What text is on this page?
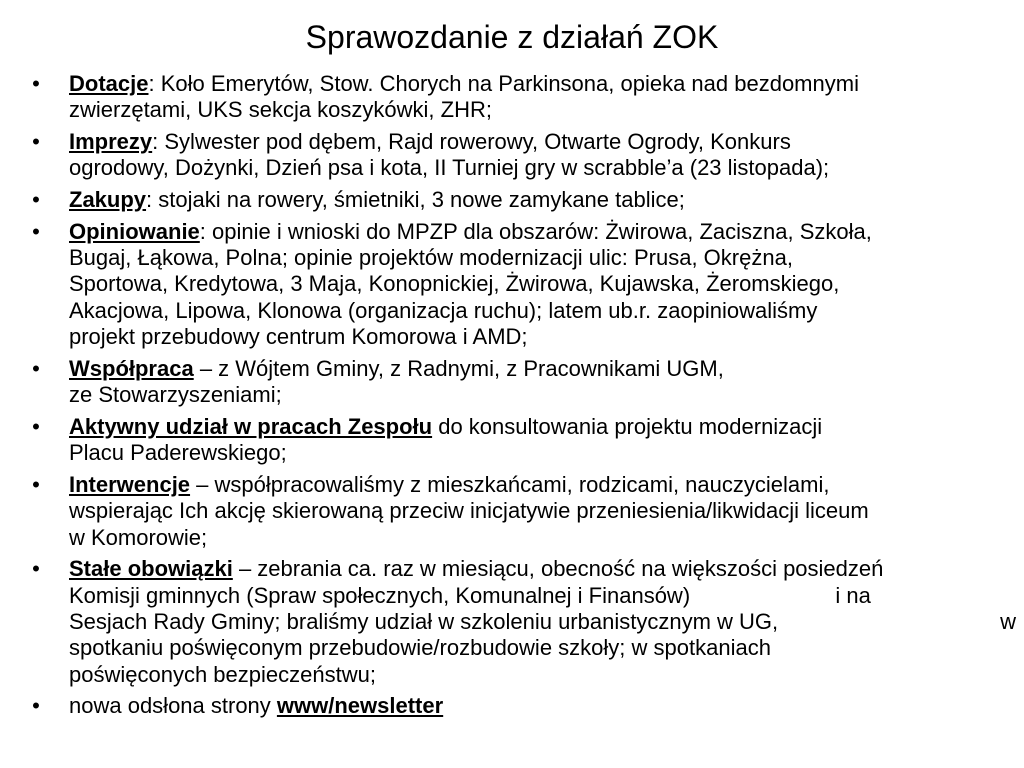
Sprawozdanie z działań ZOK
• Dotacje: Koło Emerytów, Stow. Chorych na Parkinsona, opieka nad bezdomnymi
zwierzętami, UKS sekcja koszykówki, ZHR;
• Imprezy: Sylwester pod dębem, Rajd rowerowy, Otwarte Ogrody, Konkurs
ogrodowy, Dożynki, Dzień psa i kota, II Turniej gry w scrabble’a (23 listopada);
• Zakupy: stojaki na rowery, śmietniki, 3 nowe zamykane tablice;
• Opiniowanie: opinie i wnioski do MPZP dla obszarów: Żwirowa, Zaciszna, Szkoła,
Bugaj, Łąkowa, Polna; opinie projektów modernizacji ulic: Prusa, Okrężna,
Sportowa, Kredytowa, 3 Maja, Konopnickiej, Żwirowa, Kujawska, Żeromskiego,
Akacjowa, Lipowa, Klonowa (organizacja ruchu); latem ub.r. zaopiniowaliśmy
projekt przebudowy centrum Komorowa i AMD;
• Współpraca – z Wójtem Gminy, z Radnymi, z Pracownikami UGM,
ze Stowarzyszeniami;
• Aktywny udział w pracach Zespołu do konsultowania projektu modernizacji
Placu Paderewskiego;
• Interwencje – współpracowaliśmy z mieszkańcami, rodzicami, nauczycielami,
wspierając Ich akcję skierowaną przeciw inicjatywie przeniesienia/likwidacji liceum
w Komorowie;
• Stałe obowiązki – zebrania ca. raz w miesiącu, obecność na większości posiedzeń
Komisji gminnych (Spraw społecznych, Komunalnej i Finansów)	i na
Sesjach Rady Gminy; braliśmy udział w szkoleniu urbanistycznym w UG,	w
spotkaniu poświęconym przebudowie/rozbudowie szkoły; w spotkaniach
poświęconych bezpieczeństwu;
• nowa odsłona strony www/newsletter
